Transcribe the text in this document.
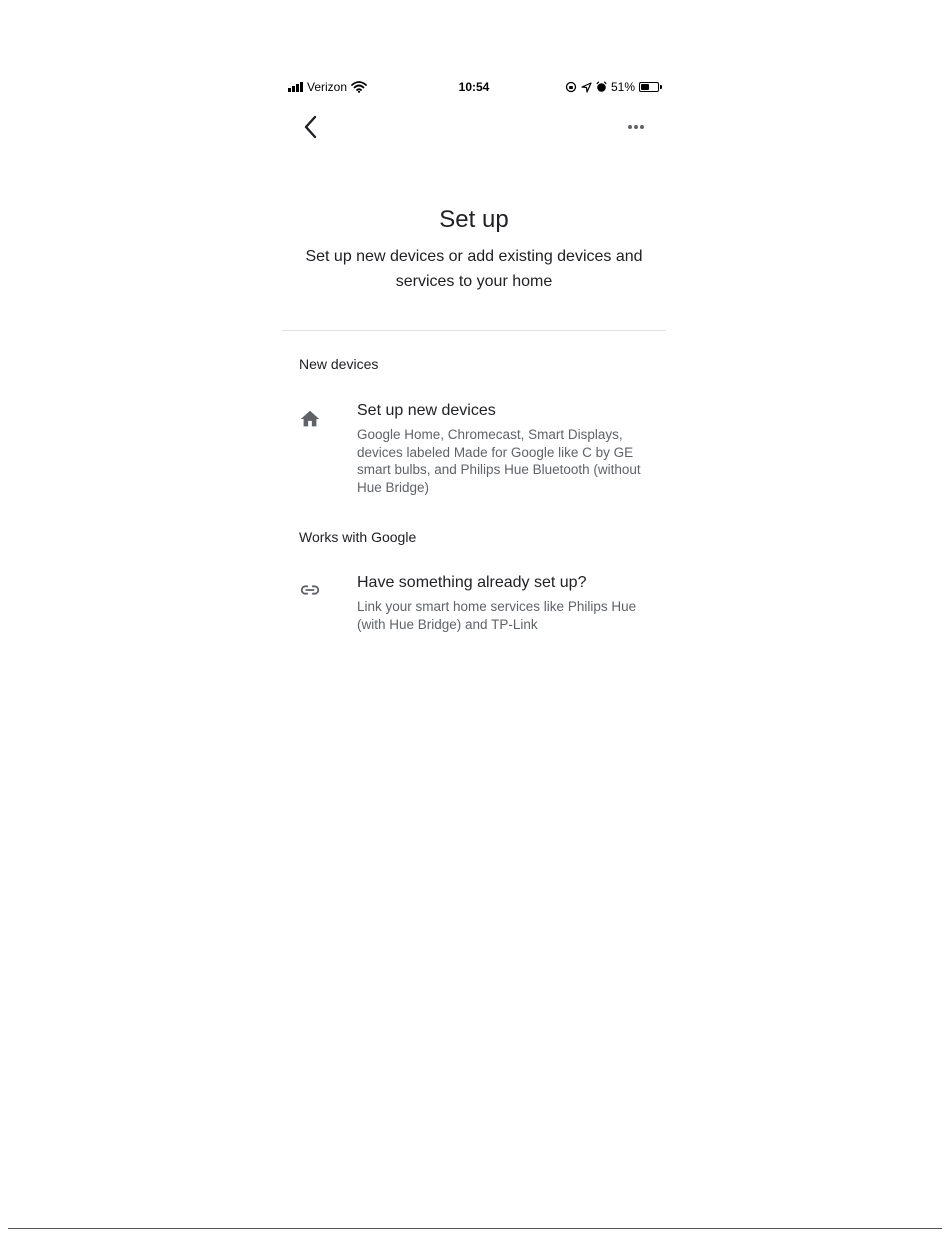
Verizon	10:54	51%
Set up
Set up new devices or add existing devices and services to your home
New devices
Set up new devices
Google Home, Chromecast, Smart Displays, devices labeled Made for Google like C by GE smart bulbs, and Philips Hue Bluetooth (without Hue Bridge)
Works with Google
Have something already set up?
Link your smart home services like Philips Hue (with Hue Bridge) and TP-Link
